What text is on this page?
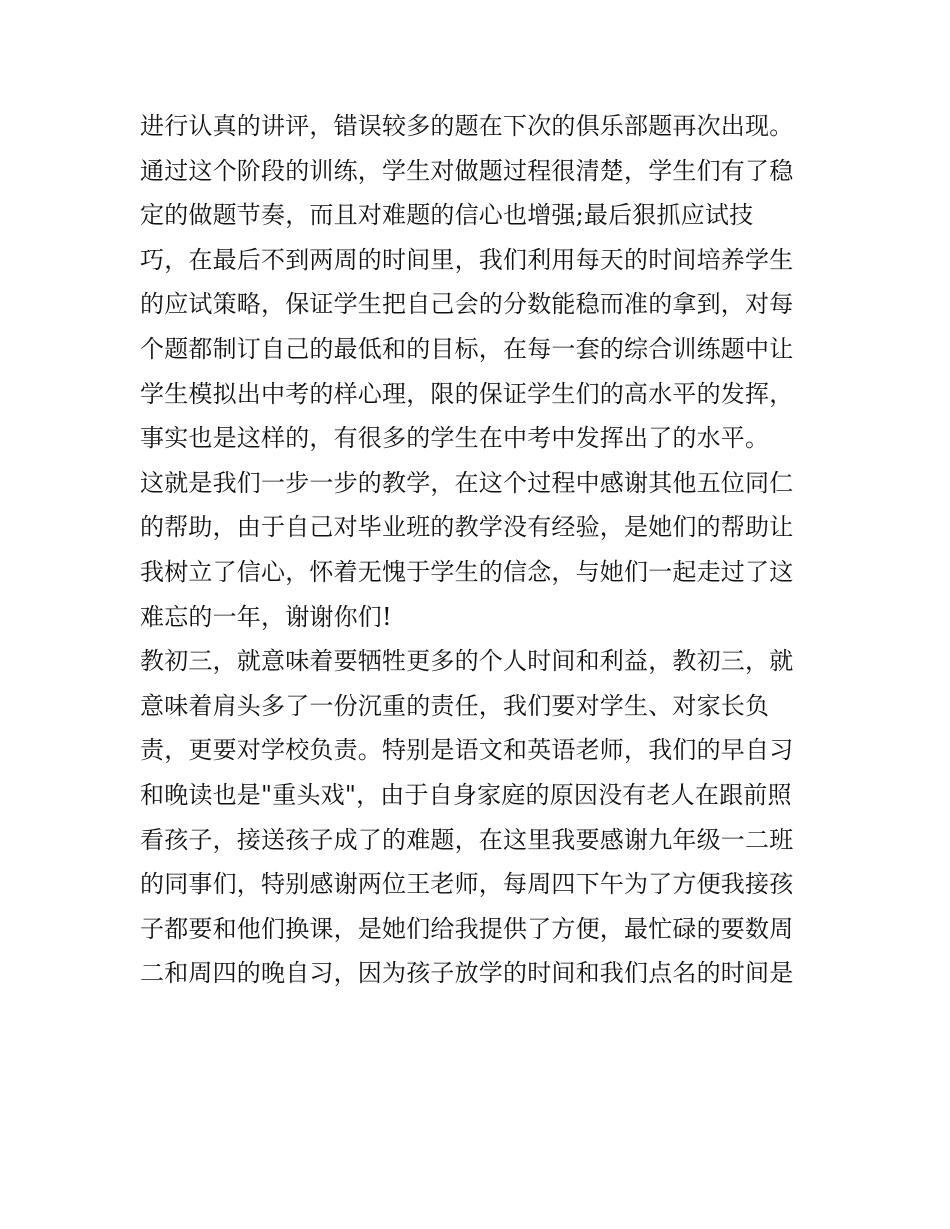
进行认真的讲评，错误较多的题在下次的俱乐部题再次出现。
通过这个阶段的训练，学生对做题过程很清楚，学生们有了稳
定的做题节奏，而且对难题的信心也增强;最后狠抓应试技
巧，在最后不到两周的时间里，我们利用每天的时间培养学生
的应试策略，保证学生把自己会的分数能稳而准的拿到，对每
个题都制订自己的最低和的目标，在每一套的综合训练题中让
学生模拟出中考的样心理，限的保证学生们的高水平的发挥，
事实也是这样的，有很多的学生在中考中发挥出了的水平。
这就是我们一步一步的教学，在这个过程中感谢其他五位同仁
的帮助，由于自己对毕业班的教学没有经验，是她们的帮助让
我树立了信心，怀着无愧于学生的信念，与她们一起走过了这
难忘的一年，谢谢你们!
教初三，就意味着要牺牲更多的个人时间和利益，教初三，就
意味着肩头多了一份沉重的责任，我们要对学生、对家长负
责，更要对学校负责。特别是语文和英语老师，我们的早自习
和晚读也是"重头戏"，由于自身家庭的原因没有老人在跟前照
看孩子，接送孩子成了的难题，在这里我要感谢九年级一二班
的同事们，特别感谢两位王老师，每周四下午为了方便我接孩
子都要和他们换课，是她们给我提供了方便，最忙碌的要数周
二和周四的晚自习，因为孩子放学的时间和我们点名的时间是
